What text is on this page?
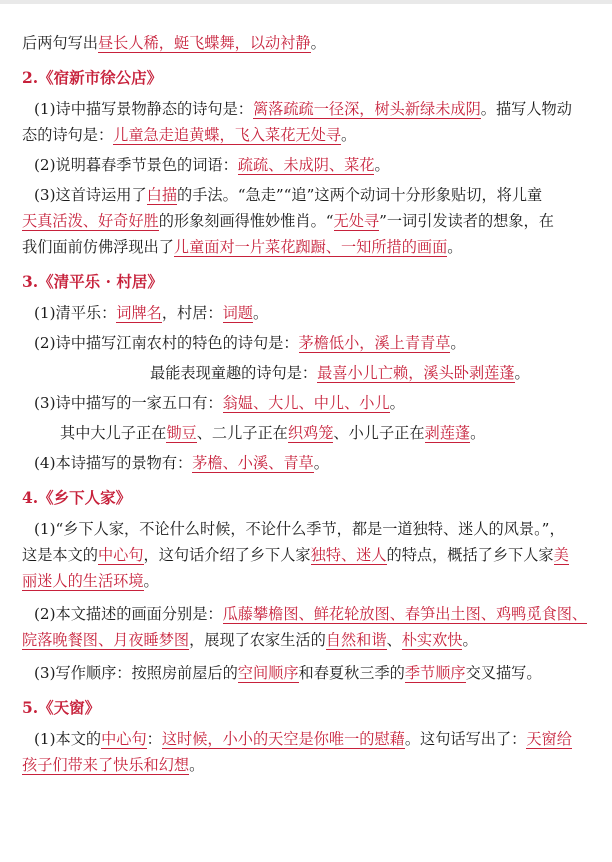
后两句写出昼长人稀，蜓飞蝶舞，以动衬静。
2.《宿新市徐公店》
(1)诗中描写景物静态的诗句是：篱落疏疏一径深，树头新绿未成阴。描写人物动
态的诗句是：儿童急走追黄蝶，飞入菜花无处寻。
(2)说明暮春季节景色的词语：疏疏、未成阴、菜花。
(3)这首诗运用了白描的手法。“急走”“追”这两个动词十分形象贴切，将儿童
天真活泼、好奇好胜的形象刻画得惟妙惟肖。“无处寻”一词引发读者的想象，在
我们面前仿佛浮现出了儿童面对一片菜花踟蹰、一知所措的画面。
3.《清平乐 · 村居》
(1)清平乐：词牌名，村居：词题。
(2)诗中描写江南农村的特色的诗句是：茅檐低小，溪上青青草。
最能表现童趣的诗句是：最喜小儿亡赖，溪头卧剥莲蓬。
(3)诗中描写的一家五口有：翁媪、大儿、中儿、小儿。
其中大儿子正在锄豆、二儿子正在织鸡笼、小儿子正在剥莲蓬。
(4)本诗描写的景物有：茅檐、小溪、青草。
4.《乡下人家》
(1)“乡下人家，不论什么时候，不论什么季节，都是一道独特、迷人的风景。”，
这是本文的中心句，这句话介绍了乡下人家独特、迷人的特点，概括了乡下人家美
丽迷人的生活环境。
(2)本文描述的画面分别是：瓜藤攀檐图、鲜花轮放图、春笋出土图、鸡鸭觅食图、
院落晚餐图、月夜睡梦图，展现了农家生活的自然和谐、朴实欢快。
(3)写作顺序：按照房前屋后的空间顺序和春夏秋三季的季节顺序交叉描写。
5.《天窗》
(1)本文的中心句：这时候，小小的天空是你唯一的慰藉。这句话写出了：天窗给
孩子们带来了快乐和幻想。
